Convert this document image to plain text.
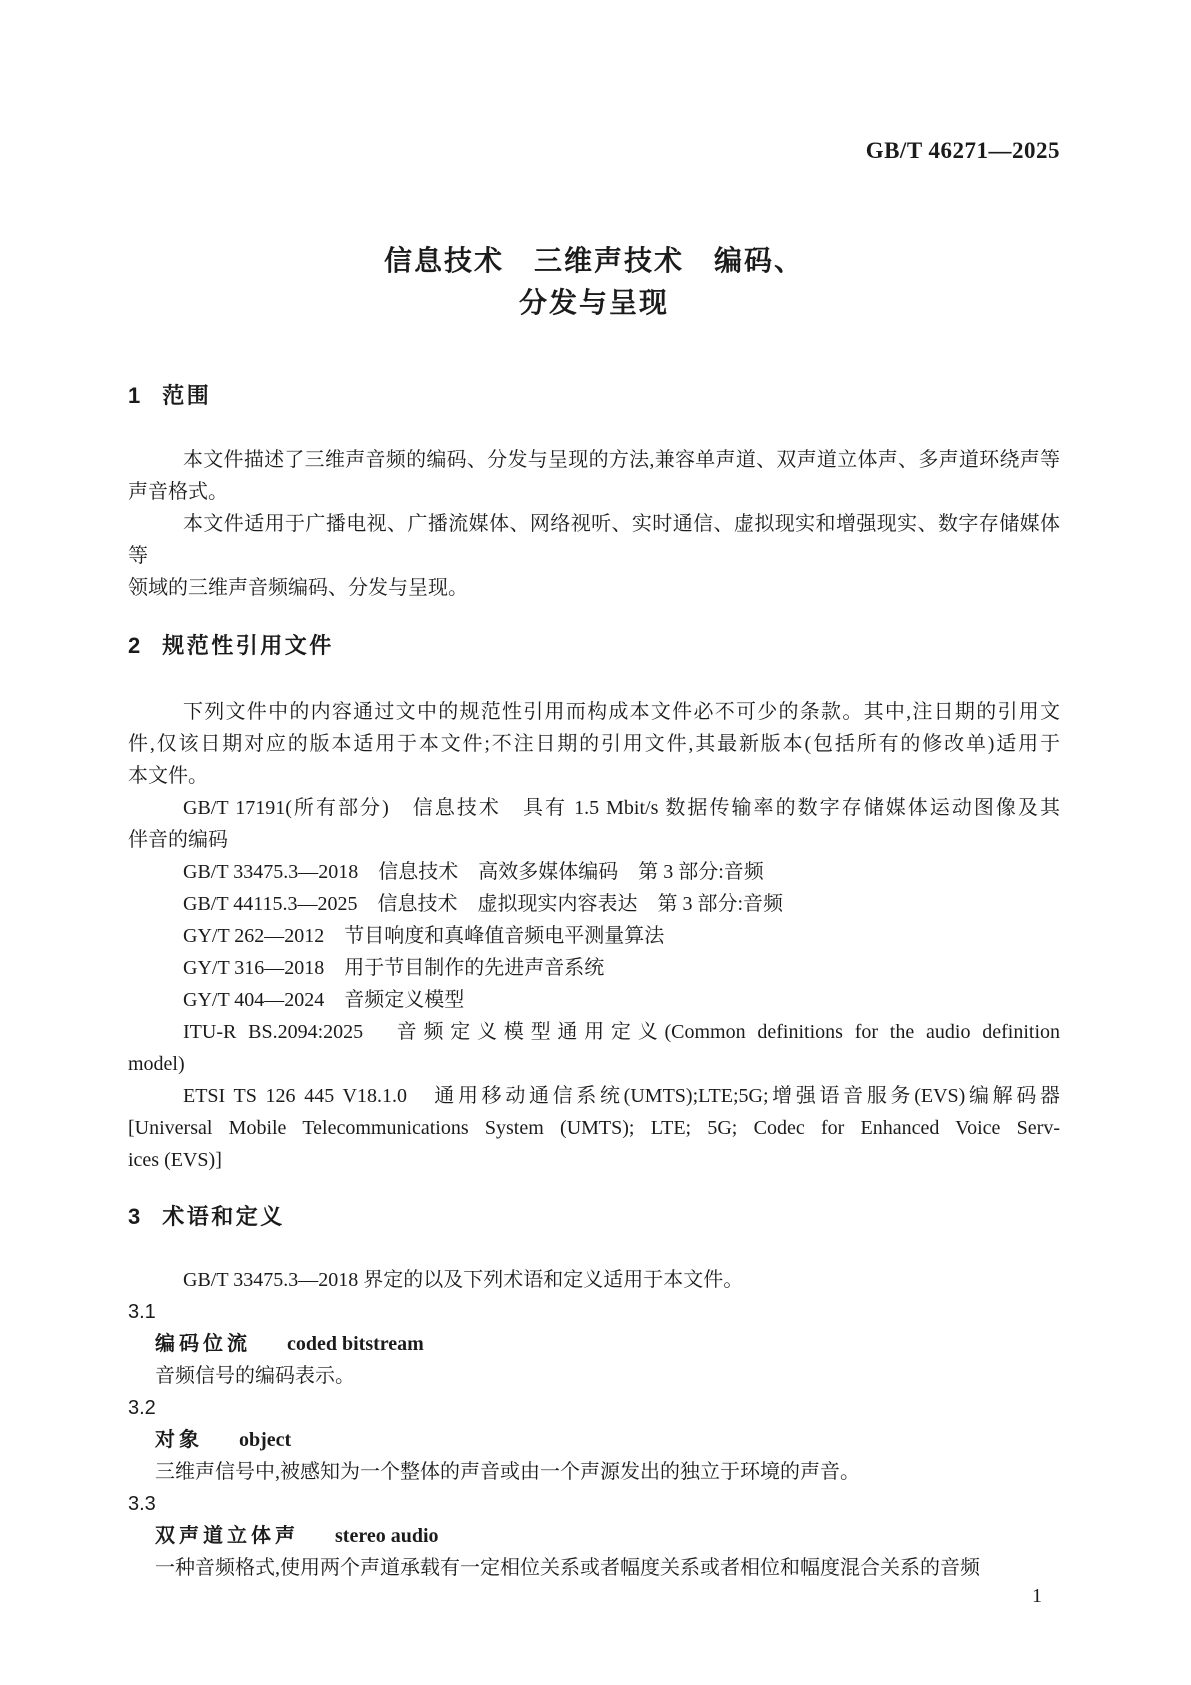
GB/T 46271—2025
信息技术　三维声技术　编码、
分发与呈现
1 范围
本文件描述了三维声音频的编码、分发与呈现的方法,兼容单声道、双声道立体声、多声道环绕声等
声音格式。
本文件适用于广播电视、广播流媒体、网络视听、实时通信、虚拟现实和增强现实、数字存储媒体等
领域的三维声音频编码、分发与呈现。
2 规范性引用文件
下列文件中的内容通过文中的规范性引用而构成本文件必不可少的条款。其中,注日期的引用文
件,仅该日期对应的版本适用于本文件;不注日期的引用文件,其最新版本(包括所有的修改单)适用于
本文件。
GB/T 17191(所有部分)　信息技术　具有 1.5 Mbit/s 数据传输率的数字存储媒体运动图像及其
伴音的编码
GB/T 33475.3—2018　信息技术　高效多媒体编码　第 3 部分:音频
GB/T 44115.3—2025　信息技术　虚拟现实内容表达　第 3 部分:音频
GY/T 262—2012　节目响度和真峰值音频电平测量算法
GY/T 316—2018　用于节目制作的先进声音系统
GY/T 404—2024　音频定义模型
ITU-R BS.2094:2025　音频定义模型通用定义(Common definitions for the audio definition
model)
ETSI TS 126 445 V18.1.0　通用移动通信系统(UMTS);LTE;5G;增强语音服务(EVS)编解码器
[Universal Mobile Telecommunications System (UMTS); LTE; 5G; Codec for Enhanced Voice Serv-
ices (EVS)]
3 术语和定义
GB/T 33475.3—2018 界定的以及下列术语和定义适用于本文件。
3.1
编码位流 coded bitstream
音频信号的编码表示。
3.2
对象 object
三维声信号中,被感知为一个整体的声音或由一个声源发出的独立于环境的声音。
3.3
双声道立体声 stereo audio
一种音频格式,使用两个声道承载有一定相位关系或者幅度关系或者相位和幅度混合关系的音频
1
